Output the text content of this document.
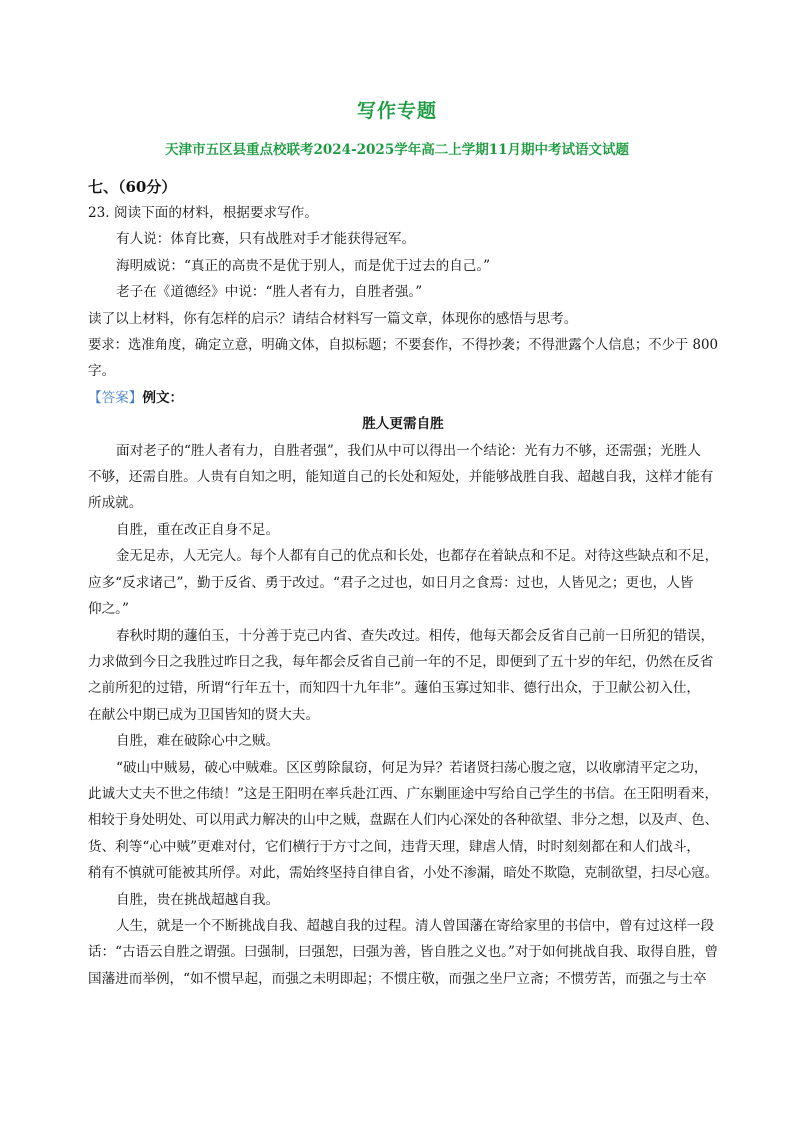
写作专题
天津市五区县重点校联考2024-2025学年高二上学期11月期中考试语文试题
七、（60分）
23. 阅读下面的材料，根据要求写作。
有人说：体育比赛，只有战胜对手才能获得冠军。
海明威说：“真正的高贵不是优于别人，而是优于过去的自己。”
老子在《道德经》中说：“胜人者有力，自胜者强。”
读了以上材料，你有怎样的启示？请结合材料写一篇文章，体现你的感悟与思考。
要求：选准角度，确定立意，明确文体，自拟标题；不要套作，不得抄袭；不得泄露个人信息；不少于 800
字。
【答案】例文：
胜人更需自胜
面对老子的“胜人者有力，自胜者强”，我们从中可以得出一个结论：光有力不够，还需强；光胜人
不够，还需自胜。人贵有自知之明，能知道自己的长处和短处，并能够战胜自我、超越自我，这样才能有
所成就。
自胜，重在改正自身不足。
金无足赤，人无完人。每个人都有自己的优点和长处，也都存在着缺点和不足。对待这些缺点和不足，
应多“反求诸己”，勤于反省、勇于改过。“君子之过也，如日月之食焉：过也，人皆见之；更也，人皆
仰之。”
春秋时期的蘧伯玉，十分善于克己内省、查失改过。相传，他每天都会反省自己前一日所犯的错误，
力求做到今日之我胜过昨日之我，每年都会反省自己前一年的不足，即便到了五十岁的年纪，仍然在反省
之前所犯的过错，所谓“行年五十，而知四十九年非”。蘧伯玉寡过知非、德行出众，于卫献公初入仕，
在献公中期已成为卫国皆知的贤大夫。
自胜，难在破除心中之贼。
“破山中贼易，破心中贼难。区区剪除鼠窃，何足为异？若诸贤扫荡心腹之寇，以收廓清平定之功，
此诚大丈夫不世之伟绩！”这是王阳明在率兵赴江西、广东剿匪途中写给自己学生的书信。在王阳明看来，
相较于身处明处、可以用武力解决的山中之贼，盘踞在人们内心深处的各种欲望、非分之想，以及声、色、
货、利等“心中贼”更难对付，它们横行于方寸之间，违背天理，肆虐人情，时时刻刻都在和人们战斗，
稍有不慎就可能被其所俘。对此，需始终坚持自律自省，小处不渗漏，暗处不欺隐，克制欲望，扫尽心寇。
自胜，贵在挑战超越自我。
人生，就是一个不断挑战自我、超越自我的过程。清人曾国藩在寄给家里的书信中，曾有过这样一段
话：“古语云自胜之谓强。曰强制，曰强恕，曰强为善，皆自胜之义也。”对于如何挑战自我、取得自胜，曾
国藩进而举例，“如不惯早起，而强之未明即起；不惯庄敬，而强之坐尸立斋；不惯劳苦，而强之与士卒
